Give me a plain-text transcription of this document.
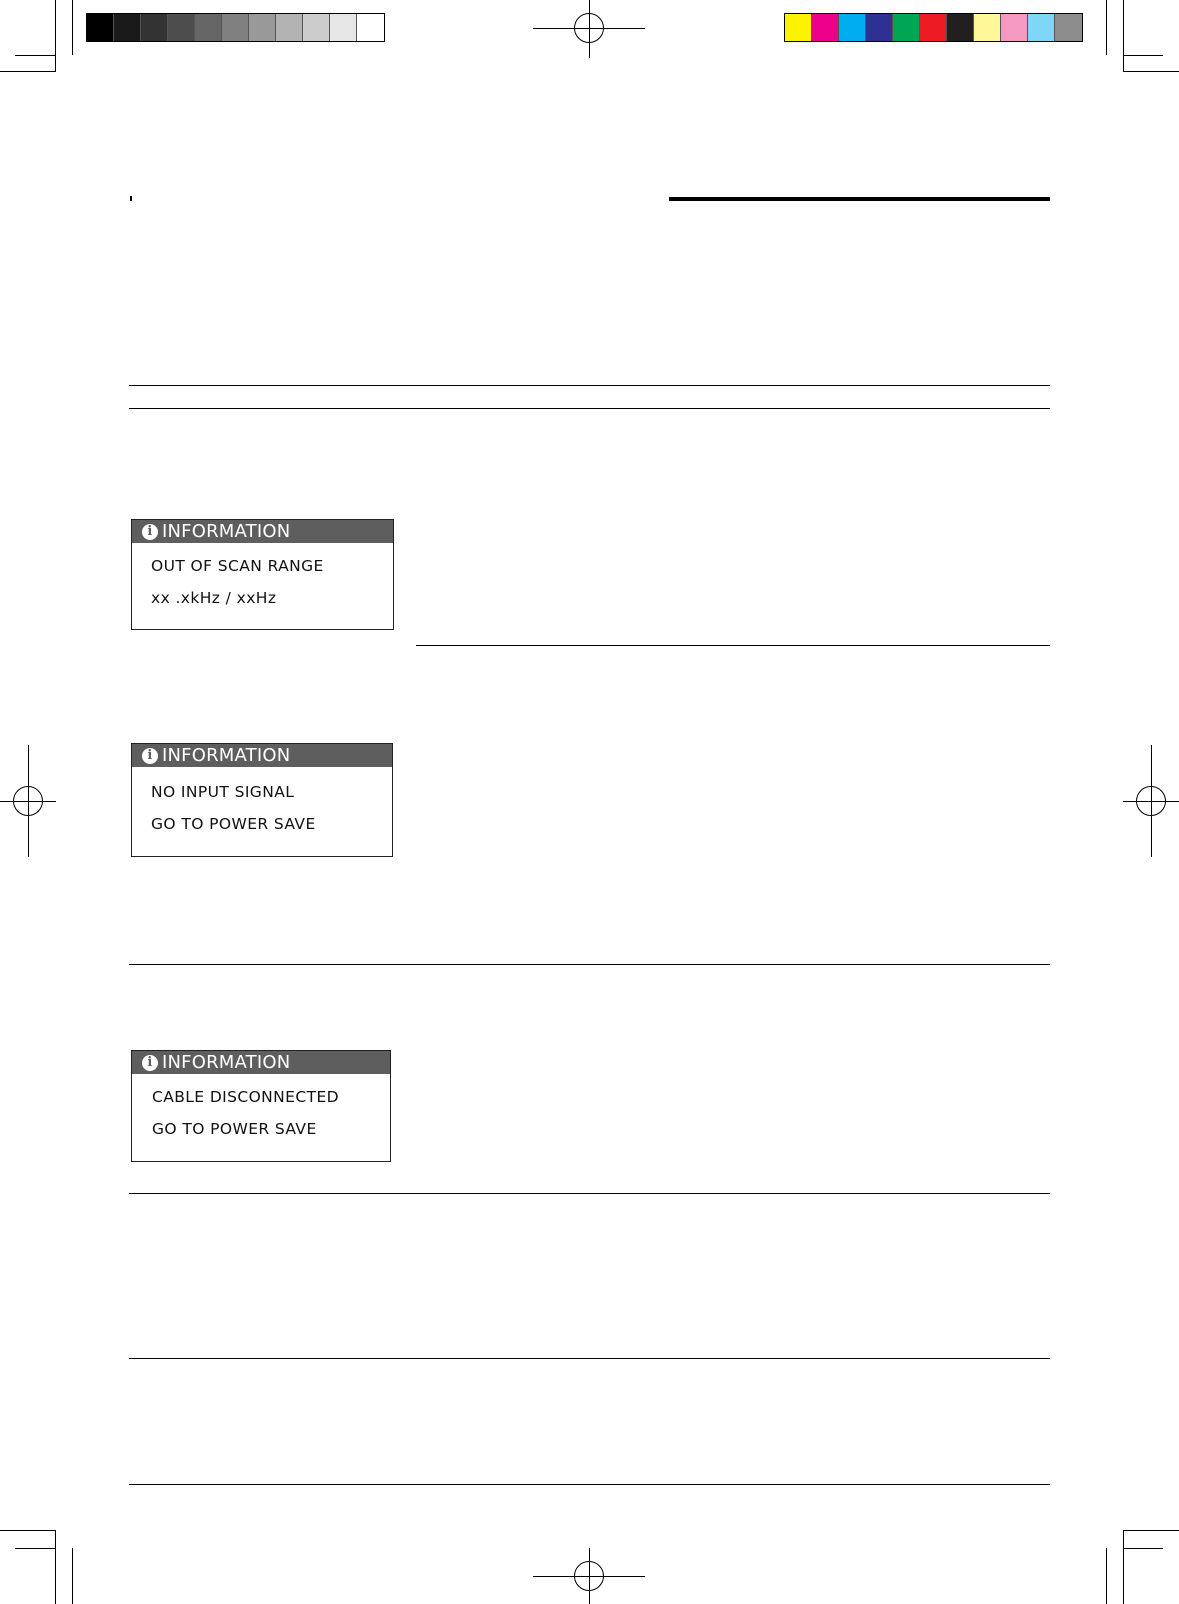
i INFORMATION
OUT OF SCAN RANGE
xx .xkHz / xxHz
i INFORMATION
NO INPUT SIGNAL
GO TO POWER SAVE
i INFORMATION
CABLE DISCONNECTED
GO TO POWER SAVE
